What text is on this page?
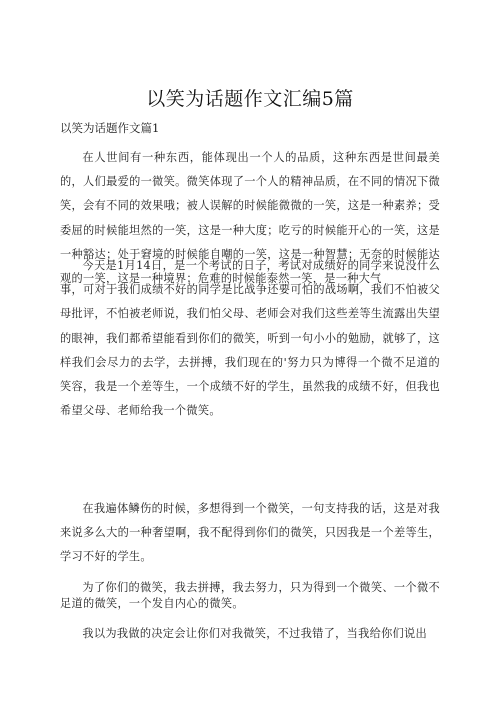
以笑为话题作文汇编5篇
以笑为话题作文篇1
在人世间有一种东西，能体现出一个人的品质，这种东西是世间最美的，人们最爱的一微笑。微笑体现了一个人的精神品质，在不同的情况下微笑，会有不同的效果哦；被人误解的时候能微微的一笑，这是一种素养；受委屈的时候能坦然的一笑，这是一种大度；吃亏的时候能开心的一笑，这是一种豁达；处于窘境的时候能自嘲的一笑，这是一种智慧；无奈的时候能达观的一笑，这是一种境界；危难的时候能泰然一笑，是一种大气
今天是1月14日，是一个考试的日子，考试对成绩好的同学来说没什么事，可对于我们成绩不好的同学是比战争还要可怕的战场啊，我们不怕被父母批评，不怕被老师说，我们怕父母、老师会对我们这些差等生流露出失望的眼神，我们都希望能看到你们的微笑，听到一句小小的勉励，就够了，这样我们会尽力的去学，去拼搏，我们现在的'努力只为博得一个微不足道的笑容，我是一个差等生，一个成绩不好的学生，虽然我的成绩不好，但我也希望父母、老师给我一个微笑。
在我遍体鳞伤的时候，多想得到一个微笑，一句支持我的话，这是对我来说多么大的一种奢望啊，我不配得到你们的微笑，只因我是一个差等生，学习不好的学生。
为了你们的微笑，我去拼搏，我去努力，只为得到一个微笑、一个微不足道的微笑，一个发自内心的微笑。
我以为我做的决定会让你们对我微笑，不过我错了，当我给你们说出
